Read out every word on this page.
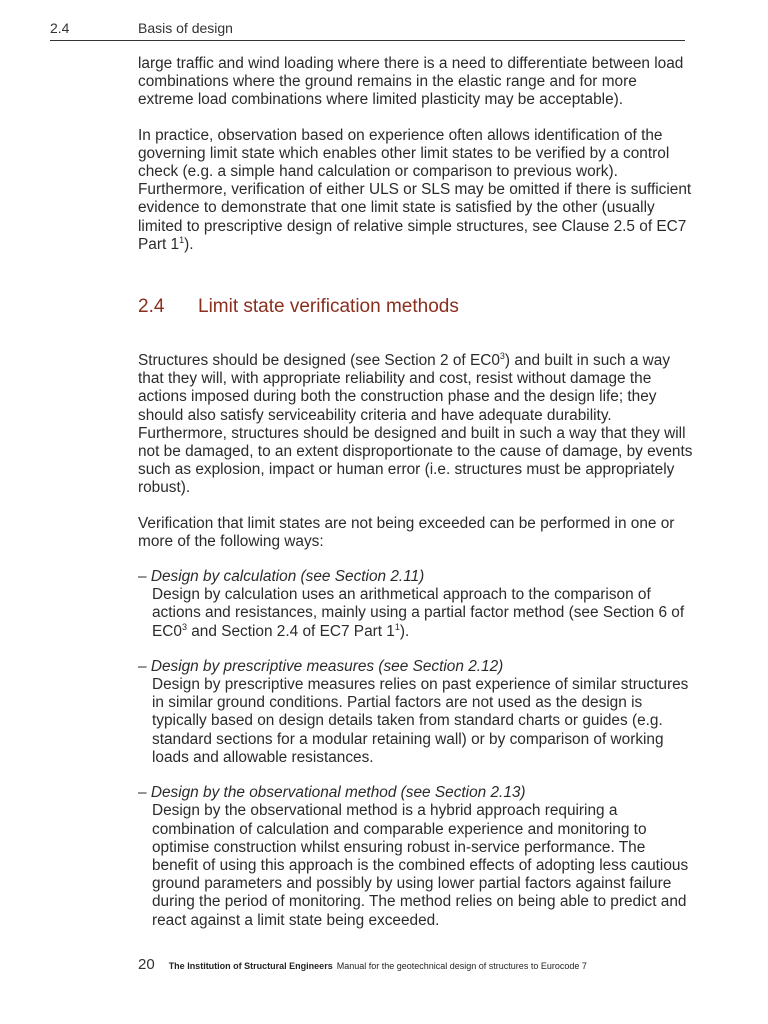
2.4	Basis of design

large traffic and wind loading where there is a need to differentiate between load combinations where the ground remains in the elastic range and for more extreme load combinations where limited plasticity may be acceptable).

In practice, observation based on experience often allows identification of the governing limit state which enables other limit states to be verified by a control check (e.g. a simple hand calculation or comparison to previous work). Furthermore, verification of either ULS or SLS may be omitted if there is sufficient evidence to demonstrate that one limit state is satisfied by the other (usually limited to prescriptive design of relative simple structures, see Clause 2.5 of EC7 Part $1^1$).

2.4	Limit state verification methods

Structures should be designed (see Section 2 of $EC0^3$) and built in such a way that they will, with appropriate reliability and cost, resist without damage the actions imposed during both the construction phase and the design life; they should also satisfy serviceability criteria and have adequate durability. Furthermore, structures should be designed and built in such a way that they will not be damaged, to an extent disproportionate to the cause of damage, by events such as explosion, impact or human error (i.e. structures must be appropriately robust).

Verification that limit states are not being exceeded can be performed in one or more of the following ways:

– Design by calculation (see Section 2.11)
Design by calculation uses an arithmetical approach to the comparison of actions and resistances, mainly using a partial factor method (see Section 6 of $EC0^3$ and Section 2.4 of EC7 Part $1^1$).
– Design by prescriptive measures (see Section 2.12)
Design by prescriptive measures relies on past experience of similar structures in similar ground conditions. Partial factors are not used as the design is typically based on design details taken from standard charts or guides (e.g. standard sections for a modular retaining wall) or by comparison of working loads and allowable resistances.
– Design by the observational method (see Section 2.13)
Design by the observational method is a hybrid approach requiring a combination of calculation and comparable experience and monitoring to optimise construction whilst ensuring robust in-service performance. The benefit of using this approach is the combined effects of adopting less cautious ground parameters and possibly by using lower partial factors against failure during the period of monitoring. The method relies on being able to predict and react against a limit state being exceeded.
20 The Institution of Structural Engineers Manual for the geotechnical design of structures to Eurocode 7
